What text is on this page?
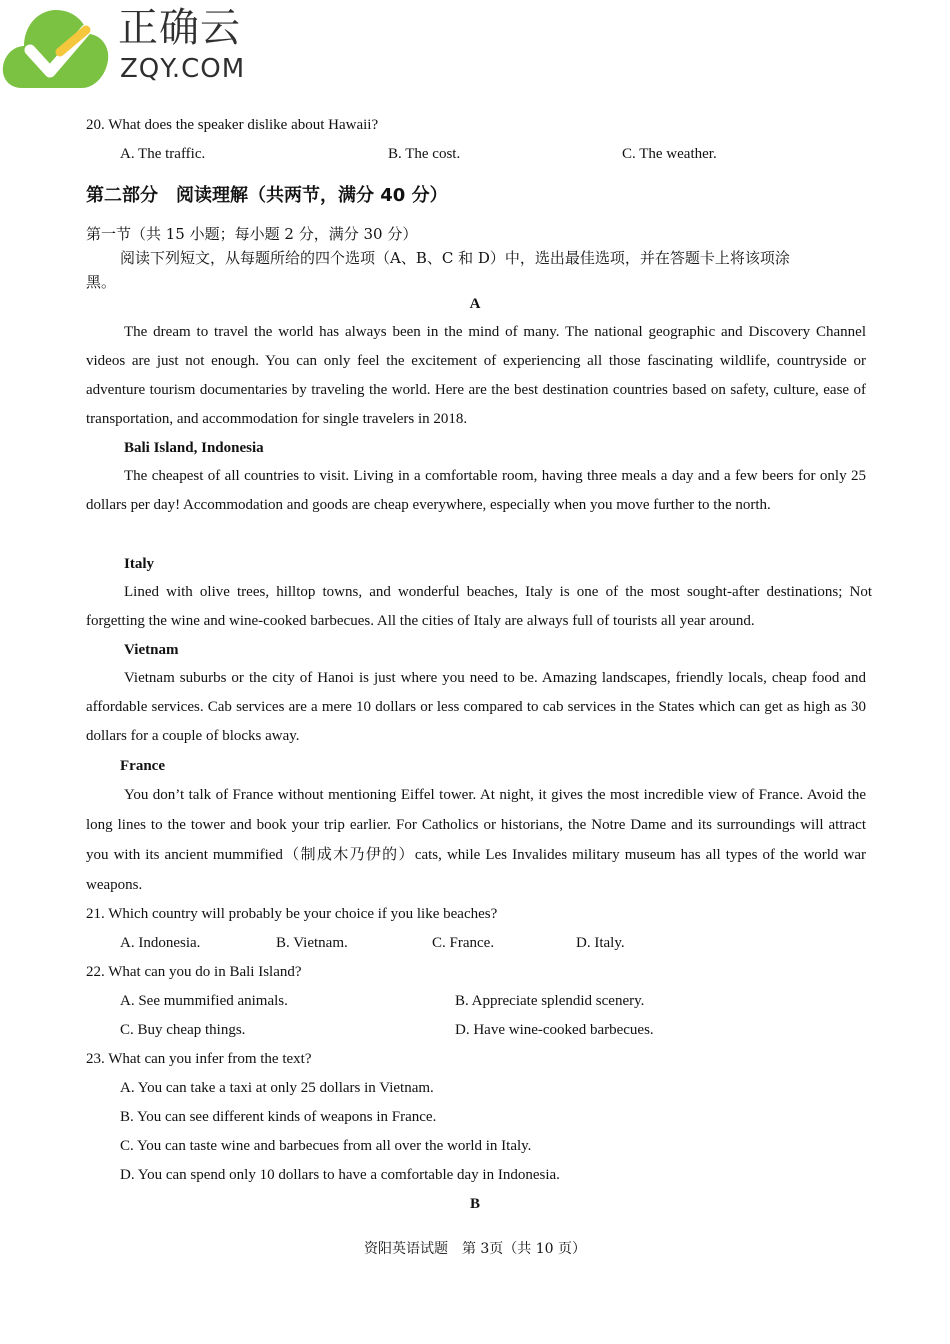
正确云
ZQY.COM
20. What does the speaker dislike about Hawaii?
A. The traffic.	B. The cost.	C. The weather.
第二部分　阅读理解（共两节，满分 40 分）
第一节（共 15 小题；每小题 2 分，满分 30 分）
阅读下列短文，从每题所给的四个选项（A、B、C 和 D）中，选出最佳选项，并在答题卡上将该项涂
黑。
A

The dream to travel the world has always been in the mind of many. The national geographic and Discovery Channel videos are just not enough. You can only feel the excitement of experiencing all those fascinating wildlife, countryside or adventure tourism documentaries by traveling the world. Here are the best destination countries based on safety, culture, ease of transportation, and accommodation for single travelers in 2018.

Bali Island, Indonesia

The cheapest of all countries to visit. Living in a comfortable room, having three meals a day and a few beers for only 25 dollars per day! Accommodation and goods are cheap everywhere, especially when you move further to the north.

Italy

Lined with olive trees, hilltop towns, and wonderful beaches, Italy is one of the most sought-after destinations; Not forgetting the wine and wine-cooked barbecues. All the cities of Italy are always full of tourists all year around.

Vietnam

Vietnam suburbs or the city of Hanoi is just where you need to be. Amazing landscapes, friendly locals, cheap food and affordable services. Cab services are a mere 10 dollars or less compared to cab services in the States which can get as high as 30 dollars for a couple of blocks away.

France

You don’t talk of France without mentioning Eiffel tower. At night, it gives the most incredible view of France. Avoid the long lines to the tower and book your trip earlier. For Catholics or historians, the Notre Dame and its surroundings will attract you with its ancient mummified（制成木乃伊的）cats, while Les Invalides military museum has all types of the world war weapons.

21. Which country will probably be your choice if you like beaches?
A. Indonesia.	B. Vietnam.	C. France.	D. Italy.
22. What can you do in Bali Island?
A. See mummified animals.	B. Appreciate splendid scenery.
C. Buy cheap things.	D. Have wine-cooked barbecues.
23. What can you infer from the text?
A. You can take a taxi at only 25 dollars in Vietnam.
B. You can see different kinds of weapons in France.
C. You can taste wine and barbecues from all over the world in Italy.
D. You can spend only 10 dollars to have a comfortable day in Indonesia.
B
资阳英语试题　第 3页（共 10 页）
